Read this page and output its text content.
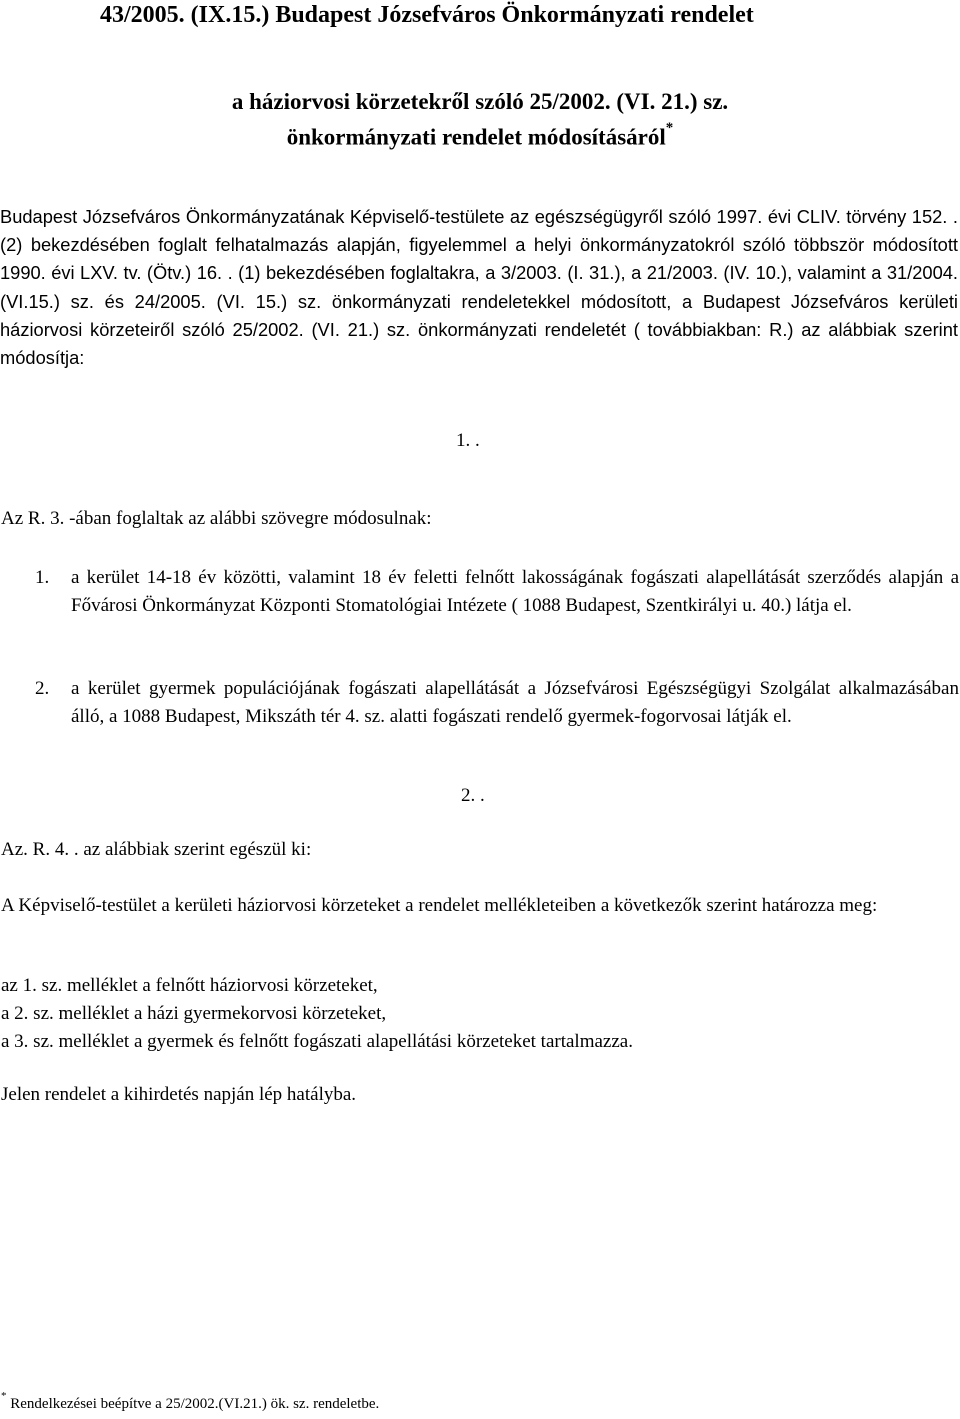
43/2005. (IX.15.) Budapest Józsefváros Önkormányzati rendelet

a háziorvosi körzetekről szóló 25/2002. (VI. 21.) sz.

önkormányzati rendelet módosításáról*

Budapest Józsefváros Önkormányzatának Képviselő-testülete az egészségügyről szóló 1997. évi CLIV. törvény 152. . (2) bekezdésében foglalt felhatalmazás alapján, figyelemmel a helyi önkormányzatokról szóló többször módosított 1990. évi LXV. tv. (Ötv.) 16. . (1) bekezdésében foglaltakra, a 3/2003. (I. 31.), a 21/2003. (IV. 10.), valamint a 31/2004. (VI.15.) sz. és 24/2005. (VI. 15.) sz. önkormányzati rendeletekkel módosított, a Budapest Józsefváros kerületi háziorvosi körzeteiről szóló 25/2002. (VI. 21.) sz. önkormányzati rendeletét ( továbbiakban: R.) az alábbiak szerint módosítja:

1. .

Az R. 3. -ában foglaltak az alábbi szövegre módosulnak:

1. a kerület 14-18 év közötti, valamint 18 év feletti felnőtt lakosságának fogászati alapellátását szerződés alapján a Fővárosi Önkormányzat Központi Stomatológiai Intézete ( 1088 Budapest, Szentkirályi u. 40.) látja el.
2. a kerület gyermek populációjának fogászati alapellátását a Józsefvárosi Egészségügyi Szolgálat alkalmazásában álló, a 1088 Budapest, Mikszáth tér 4. sz. alatti fogászati rendelő gyermek-fogorvosai látják el.

2. .

Az. R. 4. . az alábbiak szerint egészül ki:

A Képviselő-testület a kerületi háziorvosi körzeteket a rendelet mellékleteiben a következők szerint határozza meg:

az 1. sz. melléklet a felnőtt háziorvosi körzeteket,
a 2. sz. melléklet a házi gyermekorvosi körzeteket,
a 3. sz. melléklet a gyermek és felnőtt fogászati alapellátási körzeteket tartalmazza.

Jelen rendelet a kihirdetés napján lép hatályba.

* Rendelkezései beépítve a 25/2002.(VI.21.) ök. sz. rendeletbe.
